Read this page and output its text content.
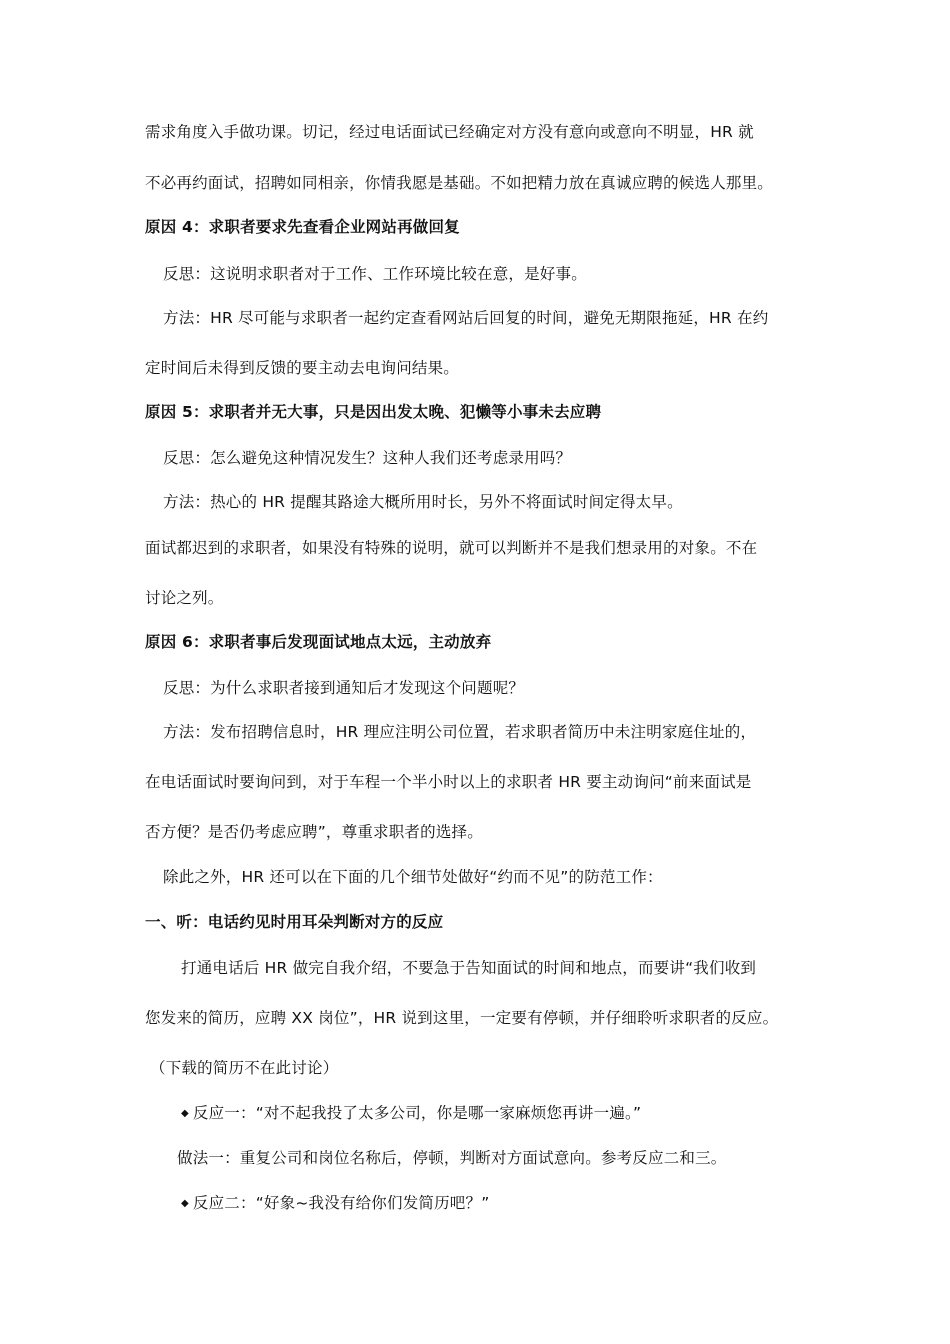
需求角度入手做功课。切记，经过电话面试已经确定对方没有意向或意向不明显，HR 就
不必再约面试，招聘如同相亲，你情我愿是基础。不如把精力放在真诚应聘的候选人那里。
原因 4：求职者要求先查看企业网站再做回复
反思：这说明求职者对于工作、工作环境比较在意，是好事。
方法：HR 尽可能与求职者一起约定查看网站后回复的时间，避免无期限拖延，HR 在约
定时间后未得到反馈的要主动去电询问结果。
原因 5：求职者并无大事，只是因出发太晚、犯懒等小事未去应聘
反思：怎么避免这种情况发生？这种人我们还考虑录用吗？
方法：热心的 HR 提醒其路途大概所用时长，另外不将面试时间定得太早。
面试都迟到的求职者，如果没有特殊的说明，就可以判断并不是我们想录用的对象。不在
讨论之列。
原因 6：求职者事后发现面试地点太远，主动放弃
反思：为什么求职者接到通知后才发现这个问题呢？
方法：发布招聘信息时，HR 理应注明公司位置，若求职者简历中未注明家庭住址的，
在电话面试时要询问到，对于车程一个半小时以上的求职者 HR 要主动询问“前来面试是
否方便？是否仍考虑应聘”，尊重求职者的选择。
除此之外，HR 还可以在下面的几个细节处做好“约而不见”的防范工作：
一、听：电话约见时用耳朵判断对方的反应
打通电话后 HR 做完自我介绍，不要急于告知面试的时间和地点，而要讲“我们收到
您发来的简历，应聘 XX 岗位”，HR 说到这里，一定要有停顿，并仔细聆听求职者的反应。
（下载的简历不在此讨论）
◆ 反应一：“对不起我投了太多公司，你是哪一家麻烦您再讲一遍。”
做法一：重复公司和岗位名称后，停顿，判断对方面试意向。参考反应二和三。
◆ 反应二：“好象~我没有给你们发简历吧？”
